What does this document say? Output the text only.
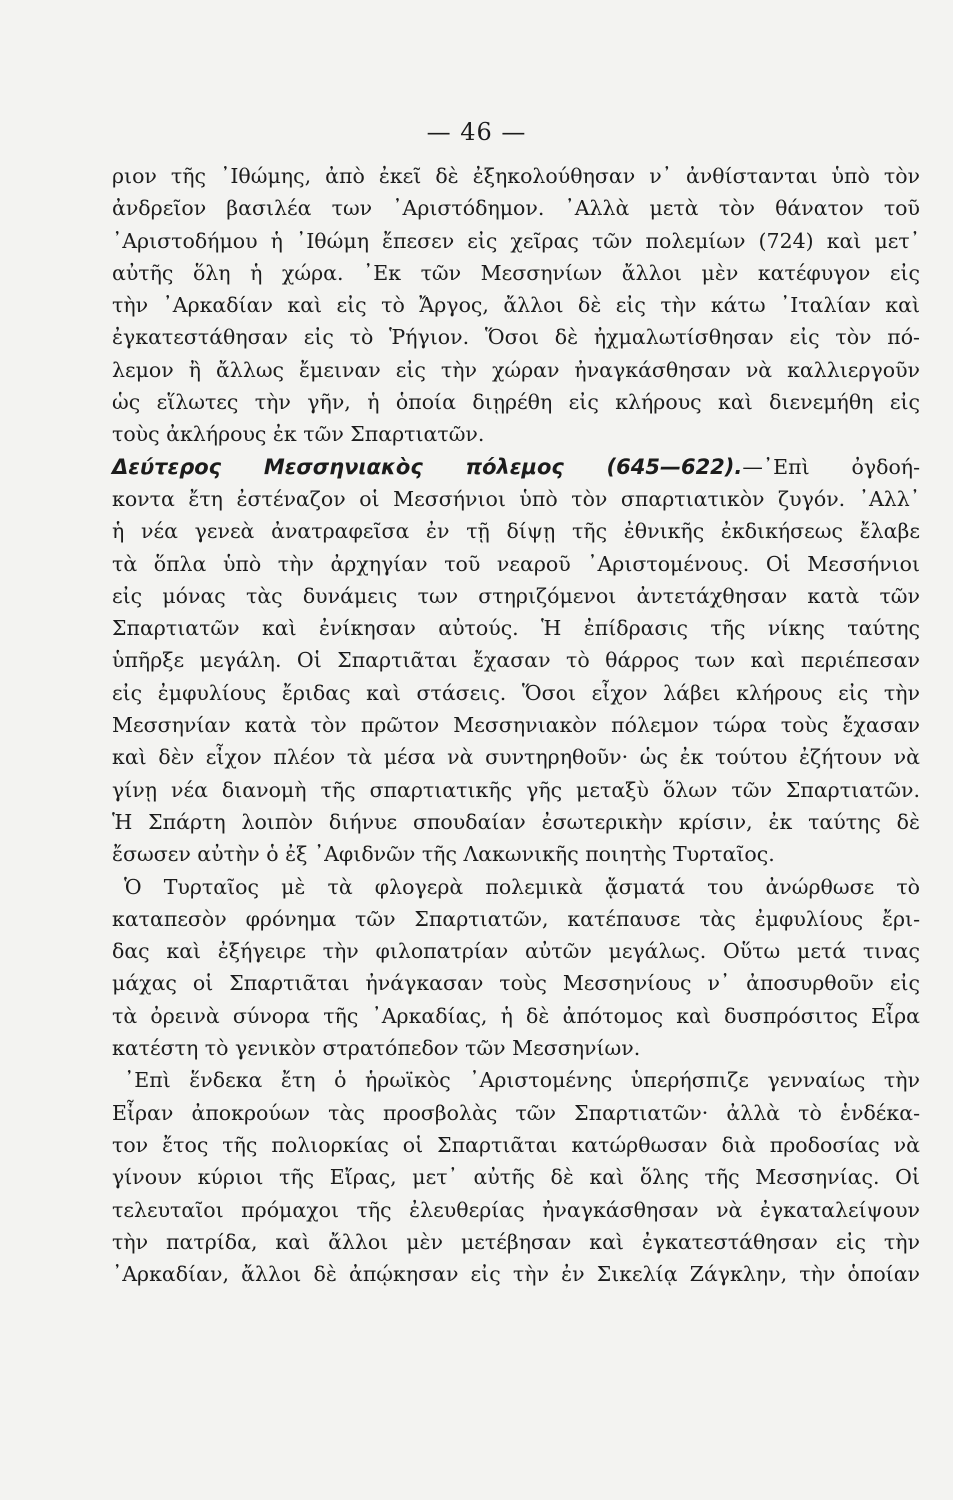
— 46 —
ριον τῆς ᾿Ιθώμης, ἀπὸ ἐκεῖ δὲ ἐξηκολούθησαν ν᾿ ἀνθίστανται ὑπὸ τὸν
ἀνδρεῖον βασιλέα των ᾿Αριστόδημον. ᾿Αλλὰ μετὰ τὸν θάνατον τοῦ
᾿Αριστοδήμου ἡ ᾿Ιθώμη ἔπεσεν εἰς χεῖρας τῶν πολεμίων (724) καὶ μετ᾿
αὐτῆς ὅλη ἡ χώρα. ᾿Εκ τῶν Μεσσηνίων ἄλλοι μὲν κατέφυγον εἰς
τὴν ᾿Αρκαδίαν καὶ εἰς τὸ Ἄργος, ἄλλοι δὲ εἰς τὴν κάτω ᾿Ιταλίαν καὶ
ἐγκατεστάθησαν εἰς τὸ Ῥήγιον. Ὅσοι δὲ ἠχμαλωτίσθησαν εἰς τὸν πό-
λεμον ἢ ἄλλως ἔμειναν εἰς τὴν χώραν ἠναγκάσθησαν νὰ καλλιεργοῦν
ὡς εἵλωτες τὴν γῆν, ἡ ὁποία διῃρέθη εἰς κλήρους καὶ διενεμήθη εἰς
τοὺς ἀκλήρους ἐκ τῶν Σπαρτιατῶν.
Δεύτερος Μεσσηνιακὸς πόλεμος (645—622).—᾿Επὶ ὀγδοή-
κοντα ἔτη ἐστέναζον οἱ Μεσσήνιοι ὑπὸ τὸν σπαρτιατικὸν ζυγόν. ᾿Αλλ᾿
ἡ νέα γενεὰ ἀνατραφεῖσα ἐν τῇ δίψῃ τῆς ἐθνικῆς ἐκδικήσεως ἔλαβε
τὰ ὅπλα ὑπὸ τὴν ἀρχηγίαν τοῦ νεαροῦ ᾿Αριστομένους. Οἱ Μεσσήνιοι
εἰς μόνας τὰς δυνάμεις των στηριζόμενοι ἀντετάχθησαν κατὰ τῶν
Σπαρτιατῶν καὶ ἐνίκησαν αὐτούς. Ἡ ἐπίδρασις τῆς νίκης ταύτης
ὑπῆρξε μεγάλη. Οἱ Σπαρτιᾶται ἔχασαν τὸ θάρρος των καὶ περιέπεσαν
εἰς ἐμφυλίους ἔριδας καὶ στάσεις. Ὅσοι εἶχον λάβει κλήρους εἰς τὴν
Μεσσηνίαν κατὰ τὸν πρῶτον Μεσσηνιακὸν πόλεμον τώρα τοὺς ἔχασαν
καὶ δὲν εἶχον πλέον τὰ μέσα νὰ συντηρηθοῦν· ὡς ἐκ τούτου ἐζήτουν νὰ
γίνῃ νέα διανομὴ τῆς σπαρτιατικῆς γῆς μεταξὺ ὅλων τῶν Σπαρτιατῶν.
Ἡ Σπάρτη λοιπὸν διήνυε σπουδαίαν ἐσωτερικὴν κρίσιν, ἐκ ταύτης δὲ
ἔσωσεν αὐτὴν ὁ ἐξ ᾿Αφιδνῶν τῆς Λακωνικῆς ποιητὴς Τυρταῖος.
Ὁ Τυρταῖος μὲ τὰ φλογερὰ πολεμικὰ ᾄσματά του ἀνώρθωσε τὸ
καταπεσὸν φρόνημα τῶν Σπαρτιατῶν, κατέπαυσε τὰς ἐμφυλίους ἔρι-
δας καὶ ἐξήγειρε τὴν φιλοπατρίαν αὐτῶν μεγάλως. Οὕτω μετά τινας
μάχας οἱ Σπαρτιᾶται ἠνάγκασαν τοὺς Μεσσηνίους ν᾿ ἀποσυρθοῦν εἰς
τὰ ὀρεινὰ σύνορα τῆς ᾿Αρκαδίας, ἡ δὲ ἀπότομος καὶ δυσπρόσιτος Εἶρα
κατέστη τὸ γενικὸν στρατόπεδον τῶν Μεσσηνίων.
᾿Επὶ ἕνδεκα ἔτη ὁ ἡρωϊκὸς ᾿Αριστομένης ὑπερήσπιζε γενναίως τὴν
Εἶραν ἀποκρούων τὰς προσβολὰς τῶν Σπαρτιατῶν· ἀλλὰ τὸ ἑνδέκα-
τον ἔτος τῆς πολιορκίας οἱ Σπαρτιᾶται κατώρθωσαν διὰ προδοσίας νὰ
γίνουν κύριοι τῆς Εἴρας, μετ᾿ αὐτῆς δὲ καὶ ὅλης τῆς Μεσσηνίας. Οἱ
τελευταῖοι πρόμαχοι τῆς ἐλευθερίας ἠναγκάσθησαν νὰ ἐγκαταλείψουν
τὴν πατρίδα, καὶ ἄλλοι μὲν μετέβησαν καὶ ἐγκατεστάθησαν εἰς τὴν
᾿Αρκαδίαν, ἄλλοι δὲ ἀπῴκησαν εἰς τὴν ἐν Σικελίᾳ Ζάγκλην, τὴν ὁποίαν
